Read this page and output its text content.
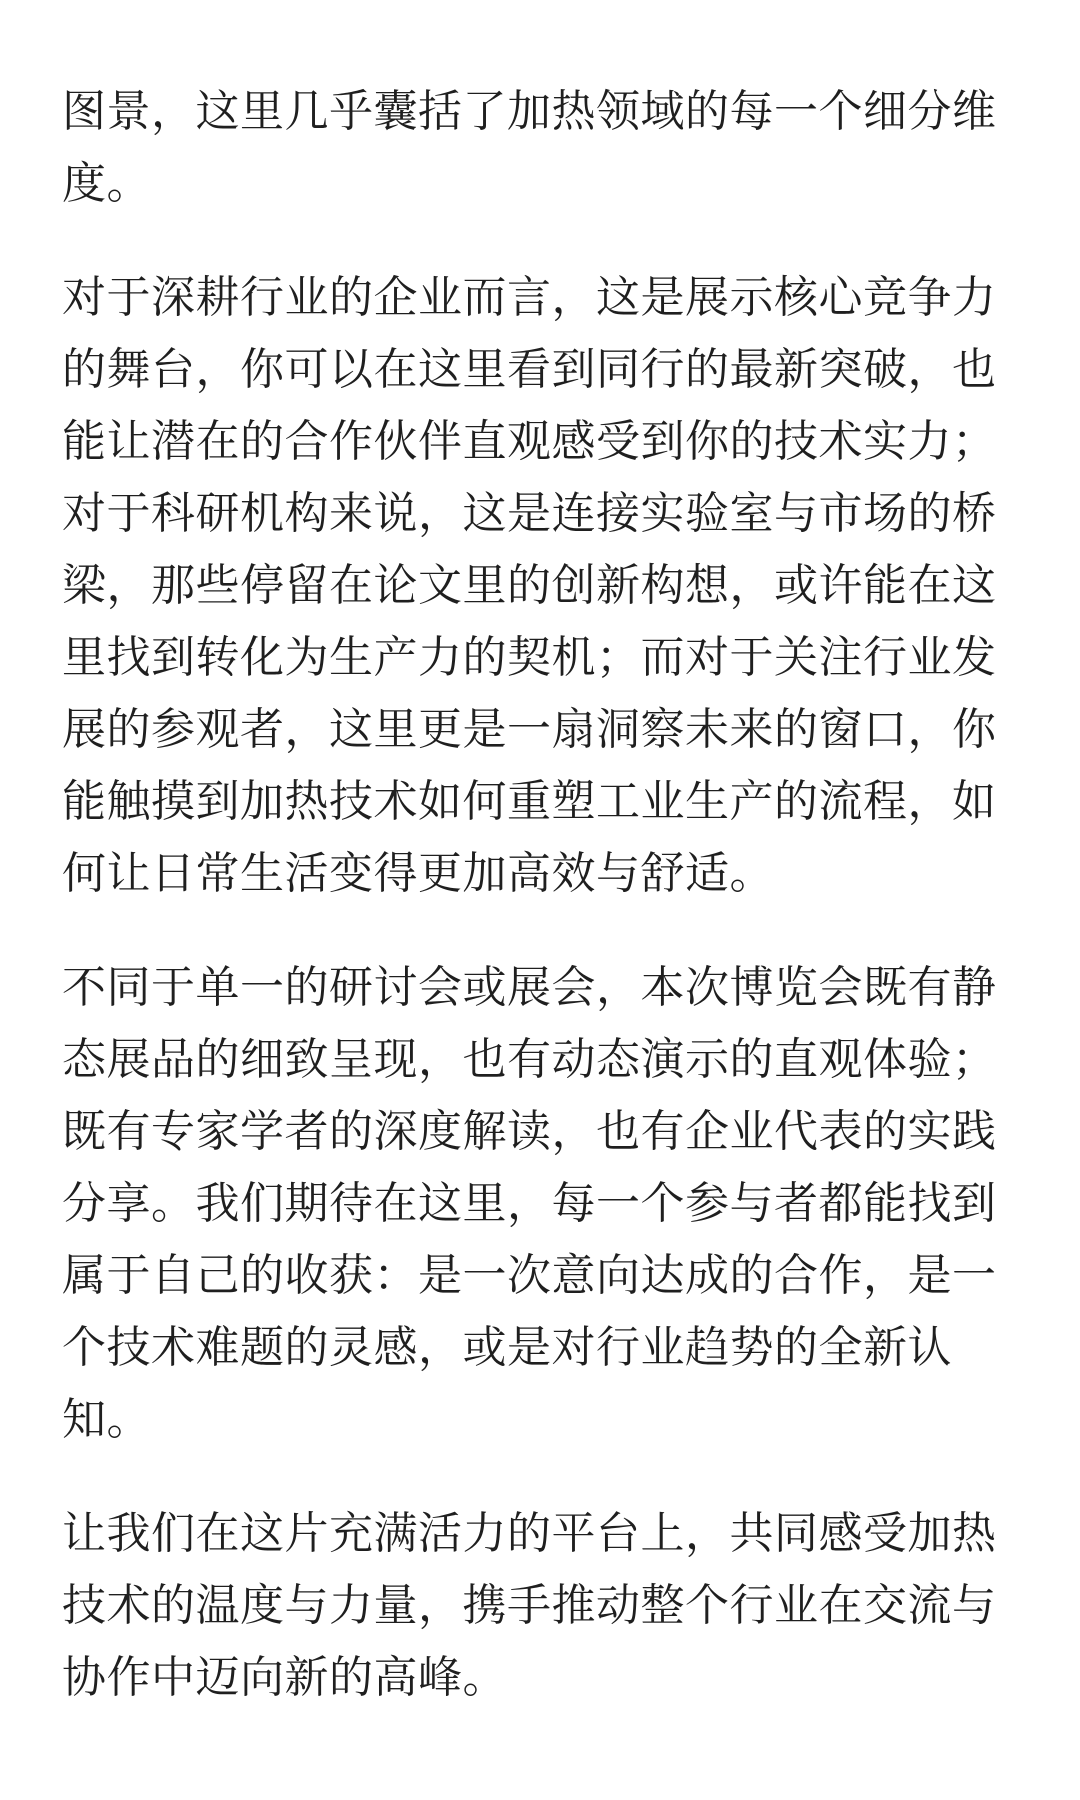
图景，这里几乎囊括了加热领域的每一个细分维度。

对于深耕行业的企业而言，这是展示核心竞争力的舞台，你可以在这里看到同行的最新突破，也能让潜在的合作伙伴直观感受到你的技术实力；对于科研机构来说，这是连接实验室与市场的桥梁，那些停留在论文里的创新构想，或许能在这里找到转化为生产力的契机；而对于关注行业发展的参观者，这里更是一扇洞察未来的窗口，你能触摸到加热技术如何重塑工业生产的流程，如何让日常生活变得更加高效与舒适。

不同于单一的研讨会或展会，本次博览会既有静态展品的细致呈现，也有动态演示的直观体验；既有专家学者的深度解读，也有企业代表的实践分享。我们期待在这里，每一个参与者都能找到属于自己的收获：是一次意向达成的合作，是一个技术难题的灵感，或是对行业趋势的全新认知。

让我们在这片充满活力的平台上，共同感受加热技术的温度与力量，携手推动整个行业在交流与协作中迈向新的高峰。
